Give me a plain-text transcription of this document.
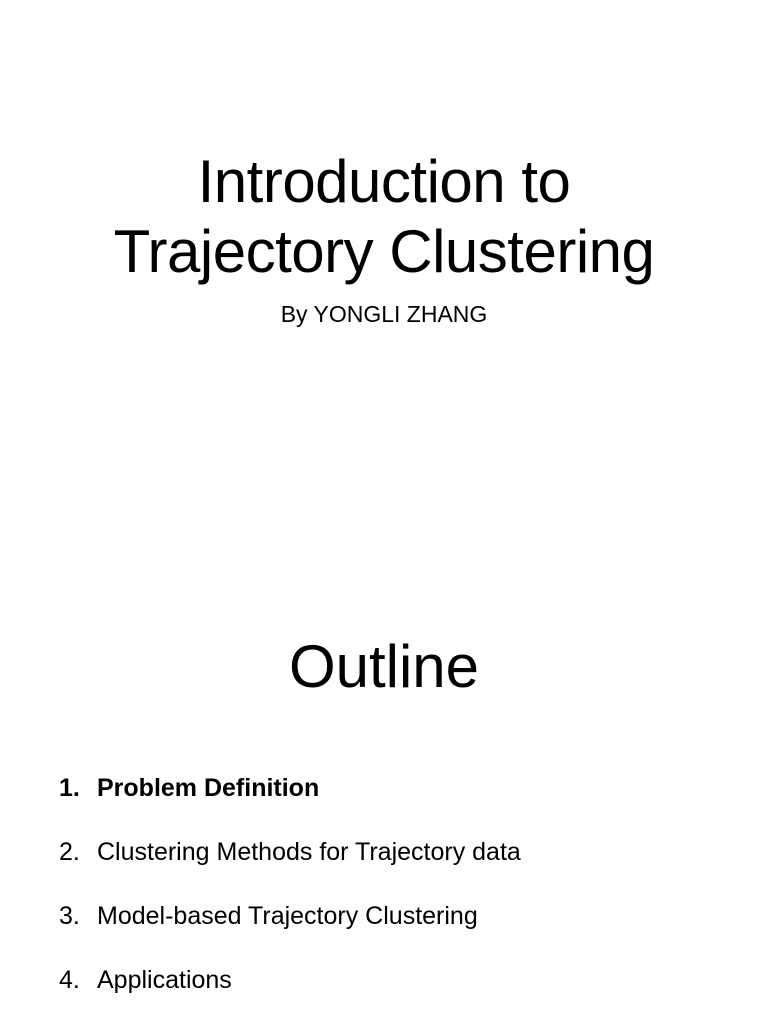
Introduction to
Trajectory Clustering
By YONGLI ZHANG
Outline
1. Problem Definition
2. Clustering Methods for Trajectory data
3. Model-based Trajectory Clustering
4. Applications
